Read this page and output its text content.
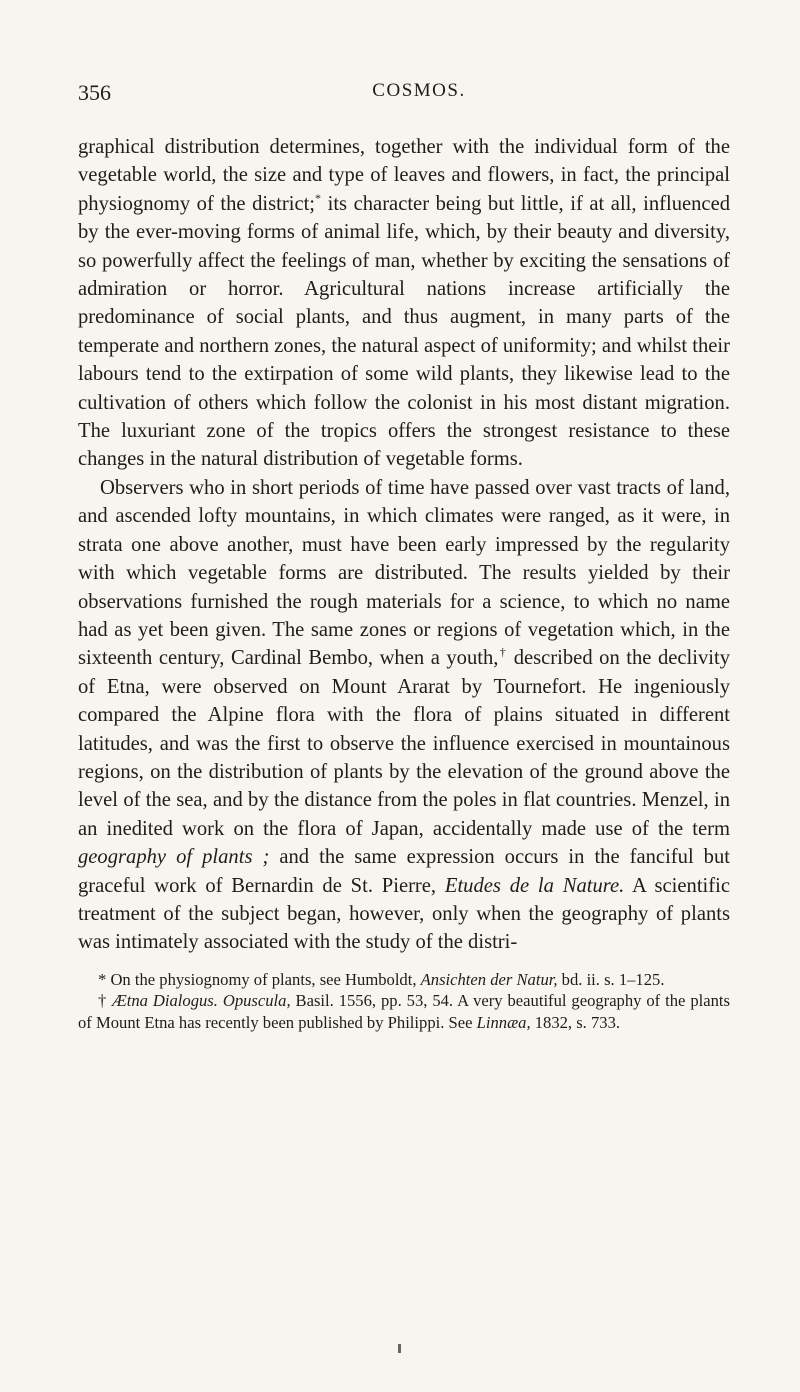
356	COSMOS.

graphical distribution determines, together with the individual form of the vegetable world, the size and type of leaves and flowers, in fact, the principal physiognomy of the district;* its character being but little, if at all, influenced by the ever-moving forms of animal life, which, by their beauty and diversity, so powerfully affect the feelings of man, whether by exciting the sensations of admiration or horror. Agricultural nations increase artificially the predominance of social plants, and thus augment, in many parts of the temperate and northern zones, the natural aspect of uniformity; and whilst their labours tend to the extirpation of some wild plants, they likewise lead to the cultivation of others which follow the colonist in his most distant migration. The luxuriant zone of the tropics offers the strongest resistance to these changes in the natural distribution of vegetable forms.

Observers who in short periods of time have passed over vast tracts of land, and ascended lofty mountains, in which climates were ranged, as it were, in strata one above another, must have been early impressed by the regularity with which vegetable forms are distributed. The results yielded by their observations furnished the rough materials for a science, to which no name had as yet been given. The same zones or regions of vegetation which, in the sixteenth century, Cardinal Bembo, when a youth,† described on the declivity of Etna, were observed on Mount Ararat by Tournefort. He ingeniously compared the Alpine flora with the flora of plains situated in different latitudes, and was the first to observe the influence exercised in mountainous regions, on the distribution of plants by the elevation of the ground above the level of the sea, and by the distance from the poles in flat countries. Menzel, in an inedited work on the flora of Japan, accidentally made use of the term geography of plants ; and the same expression occurs in the fanciful but graceful work of Bernardin de St. Pierre, Etudes de la Nature. A scientific treatment of the subject began, however, only when the geography of plants was intimately associated with the study of the distri-

* On the physiognomy of plants, see Humboldt, Ansichten der Natur, bd. ii. s. 1–125.

† Ætna Dialogus. Opuscula, Basil. 1556, pp. 53, 54. A very beautiful geography of the plants of Mount Etna has recently been published by Philippi. See Linnæa, 1832, s. 733.
